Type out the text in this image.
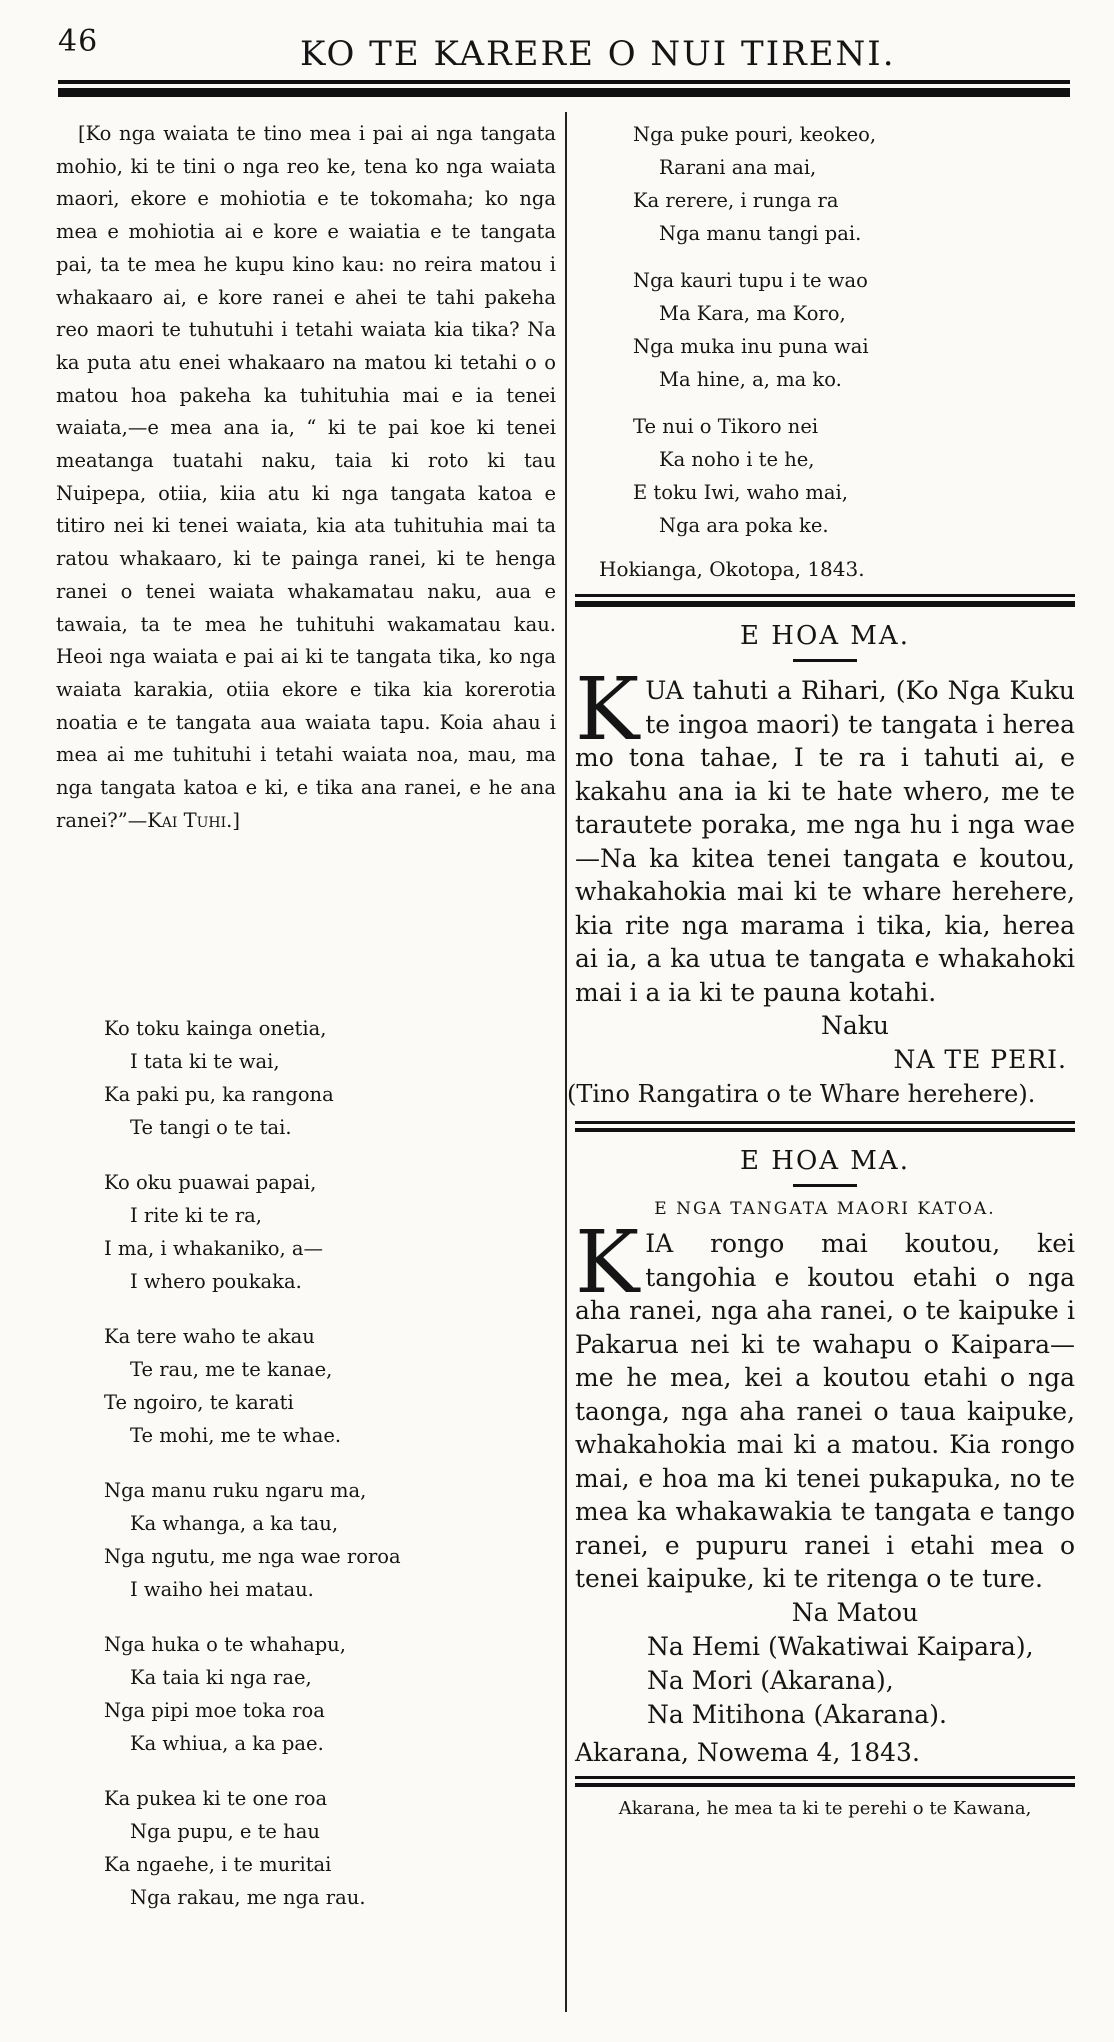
46	KO TE KARERE O NUI TIRENI.

[Ko nga waiata te tino mea i pai ai nga tangata mohio, ki te tini o nga reo ke, tena ko nga waiata maori, ekore e mohiotia e te tokomaha; ko nga mea e mohiotia ai e kore e waiatia e te tangata pai, ta te mea he kupu kino kau: no reira matou i whakaaro ai, e kore ranei e ahei te tahi pakeha reo maori te tuhutuhi i tetahi waiata kia tika? Na ka puta atu enei whakaaro na matou ki tetahi o o matou hoa pakeha ka tuhituhia mai e ia tenei waiata,—e mea ana ia, “ ki te pai koe ki tenei meatanga tuatahi naku, taia ki roto ki tau Nuipepa, otiia, kiia atu ki nga tangata katoa e titiro nei ki tenei waiata, kia ata tuhituhia mai ta ratou whakaaro, ki te painga ranei, ki te henga ranei o tenei waiata whakamatau naku, aua e tawaia, ta te mea he tuhituhi wakamatau kau. Heoi nga waiata e pai ai ki te tangata tika, ko nga waiata karakia, otiia ekore e tika kia korerotia noatia e te tangata aua waiata tapu. Koia ahau i mea ai me tuhituhi i tetahi waiata noa, mau, ma nga tangata katoa e ki, e tika ana ranei, e he ana ranei?”—Kai Tuhi.]

Ko toku kainga onetia,
I tata ki te wai,
Ka paki pu, ka rangona
Te tangi o te tai.
Ko oku puawai papai,
I rite ki te ra,
I ma, i whakaniko, a—
I whero poukaka.
Ka tere waho te akau
Te rau, me te kanae,
Te ngoiro, te karati
Te mohi, me te whae.
Nga manu ruku ngaru ma,
Ka whanga, a ka tau,
Nga ngutu, me nga wae roroa
I waiho hei matau.
Nga huka o te whahapu,
Ka taia ki nga rae,
Nga pipi moe toka roa
Ka whiua, a ka pae.
Ka pukea ki te one roa
Nga pupu, e te hau
Ka ngaehe, i te muritai
Nga rakau, me nga rau.
Nga puke pouri, keokeo,
Rarani ana mai,
Ka rerere, i runga ra
Nga manu tangi pai.
Nga kauri tupu i te wao
Ma Kara, ma Koro,
Nga muka inu puna wai
Ma hine, a, ma ko.
Te nui o Tikoro nei
Ka noho i te he,
E toku Iwi, waho mai,
Nga ara poka ke.
Hokianga, Okotopa, 1843.
E HOA MA.

KUA tahuti a Rihari, (Ko Nga Kuku te ingoa maori) te tangata i herea mo tona tahae, I te ra i tahuti ai, e kakahu ana ia ki te hate whero, me te tarautete poraka, me nga hu i nga wae—Na ka kitea tenei tangata e koutou, whakahokia mai ki te whare herehere, kia rite nga marama i tika, kia, herea ai ia, a ka utua te tangata e whakahoki mai i a ia ki te pauna kotahi.

Naku
NA TE PERI.
(Tino Rangatira o te Whare herehere).
E HOA MA.
E NGA TANGATA MAORI KATOA.

KIA rongo mai koutou, kei tangohia e koutou etahi o nga aha ranei, nga aha ranei, o te kaipuke i Pakarua nei ki te wahapu o Kaipara—me he mea, kei a koutou etahi o nga taonga, nga aha ranei o taua kaipuke, whakahokia mai ki a matou. Kia rongo mai, e hoa ma ki tenei pukapuka, no te mea ka whakawakia te tangata e tango ranei, e pupuru ranei i etahi mea o tenei kaipuke, ki te ritenga o te ture.

Na Matou
Na Hemi (Wakatiwai Kaipara),
Na Mori (Akarana),
Na Mitihona (Akarana).
Akarana, Nowema 4, 1843.
Akarana, he mea ta ki te perehi o te Kawana,
